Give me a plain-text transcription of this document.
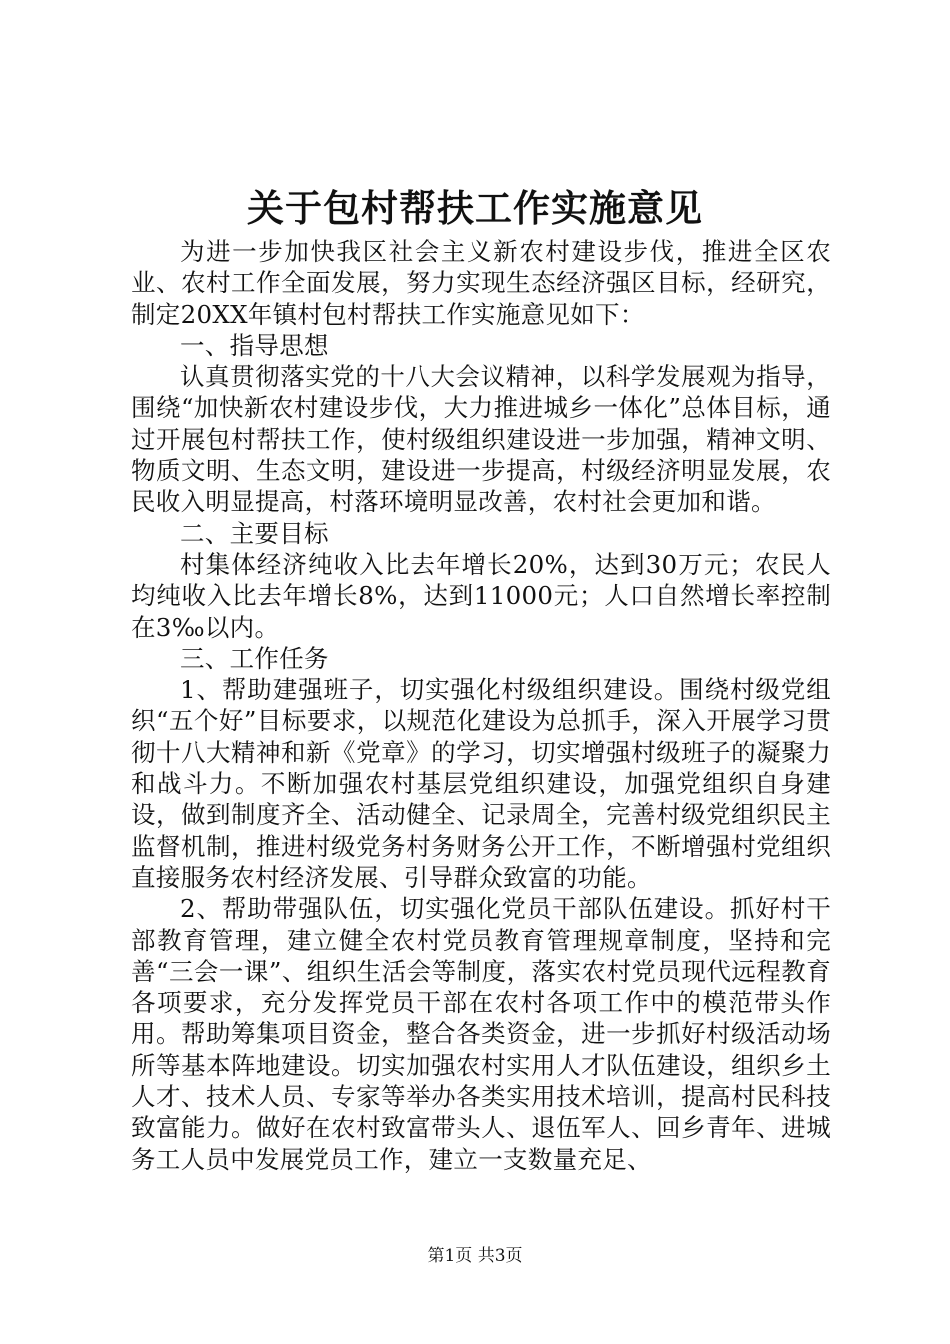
关于包村帮扶工作实施意见

为进一步加快我区社会主义新农村建设步伐，推进全区农业、农村工作全面发展，努力实现生态经济强区目标，经研究，制定20XX年镇村包村帮扶工作实施意见如下：

一、指导思想

认真贯彻落实党的十八大会议精神，以科学发展观为指导，围绕“加快新农村建设步伐，大力推进城乡一体化”总体目标，通过开展包村帮扶工作，使村级组织建设进一步加强，精神文明、物质文明、生态文明，建设进一步提高，村级经济明显发展，农民收入明显提高，村落环境明显改善，农村社会更加和谐。

二、主要目标

村集体经济纯收入比去年增长20%，达到30万元；农民人均纯收入比去年增长8%，达到11000元；人口自然增长率控制在3‰以内。

三、工作任务

1、帮助建强班子，切实强化村级组织建设。围绕村级党组织“五个好”目标要求，以规范化建设为总抓手，深入开展学习贯彻十八大精神和新《党章》的学习，切实增强村级班子的凝聚力和战斗力。不断加强农村基层党组织建设，加强党组织自身建设，做到制度齐全、活动健全、记录周全，完善村级党组织民主监督机制，推进村级党务村务财务公开工作，不断增强村党组织直接服务农村经济发展、引导群众致富的功能。

2、帮助带强队伍，切实强化党员干部队伍建设。抓好村干部教育管理，建立健全农村党员教育管理规章制度，坚持和完善“三会一课”、组织生活会等制度，落实农村党员现代远程教育各项要求，充分发挥党员干部在农村各项工作中的模范带头作用。帮助筹集项目资金，整合各类资金，进一步抓好村级活动场所等基本阵地建设。切实加强农村实用人才队伍建设，组织乡土人才、技术人员、专家等举办各类实用技术培训，提高村民科技致富能力。做好在农村致富带头人、退伍军人、回乡青年、进城务工人员中发展党员工作，建立一支数量充足、

第1页 共3页
